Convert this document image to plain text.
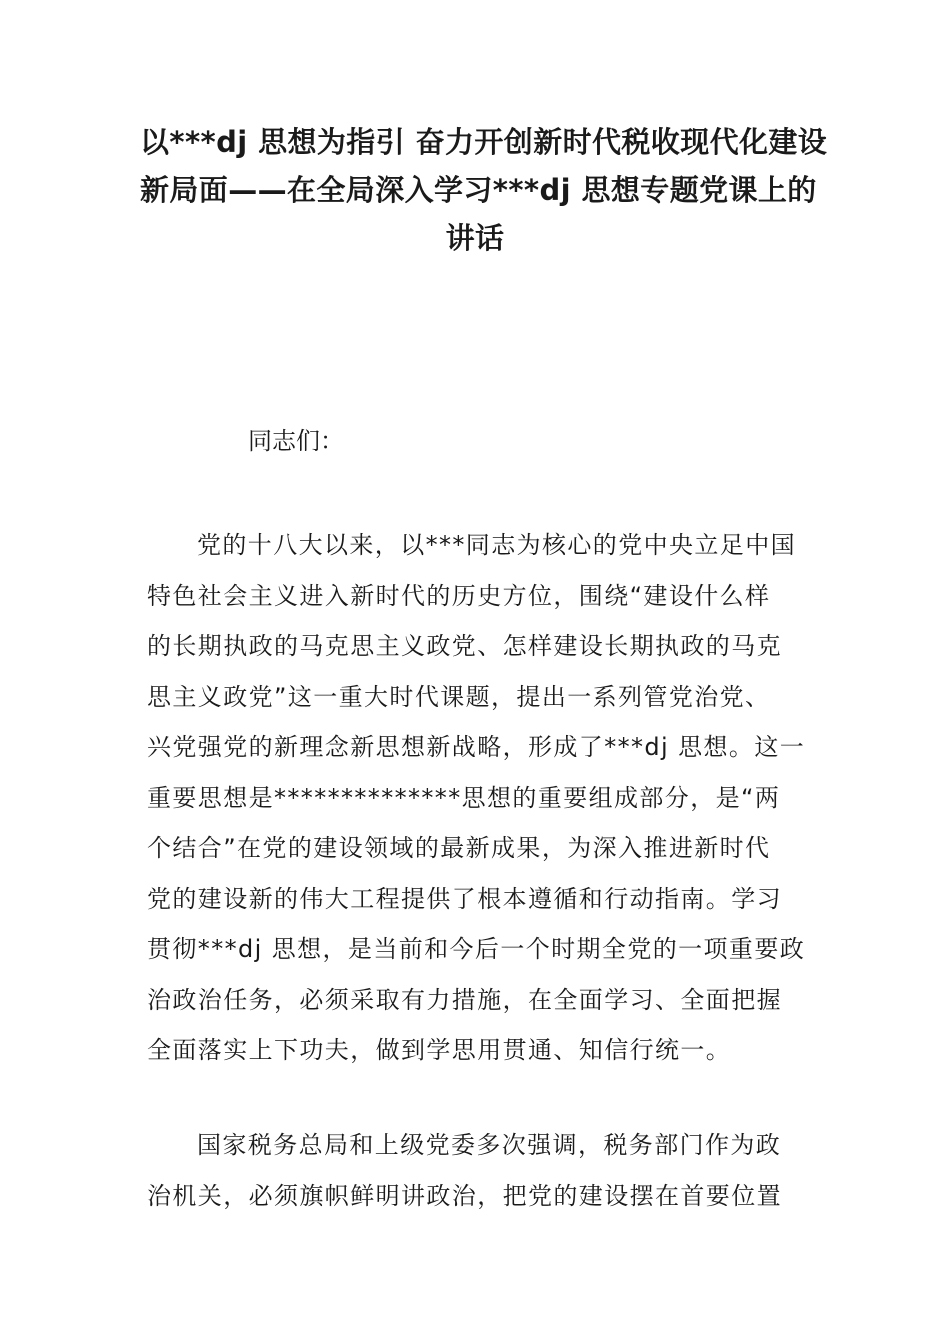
以***dj 思想为指引 奋力开创新时代税收现代化建设
新局面——在全局深入学习***dj 思想专题党课上的
讲话
同志们：
党的十八大以来，以***同志为核心的党中央立足中国
特色社会主义进入新时代的历史方位，围绕“建设什么样
的长期执政的马克思主义政党、怎样建设长期执政的马克
思主义政党”这一重大时代课题，提出一系列管党治党、
兴党强党的新理念新思想新战略，形成了***dj 思想。这一
重要思想是**************思想的重要组成部分，是“两
个结合”在党的建设领域的最新成果，为深入推进新时代
党的建设新的伟大工程提供了根本遵循和行动指南。学习
贯彻***dj 思想，是当前和今后一个时期全党的一项重要政
治政治任务，必须采取有力措施，在全面学习、全面把握
全面落实上下功夫，做到学思用贯通、知信行统一。
国家税务总局和上级党委多次强调，税务部门作为政
治机关，必须旗帜鲜明讲政治，把党的建设摆在首要位置
